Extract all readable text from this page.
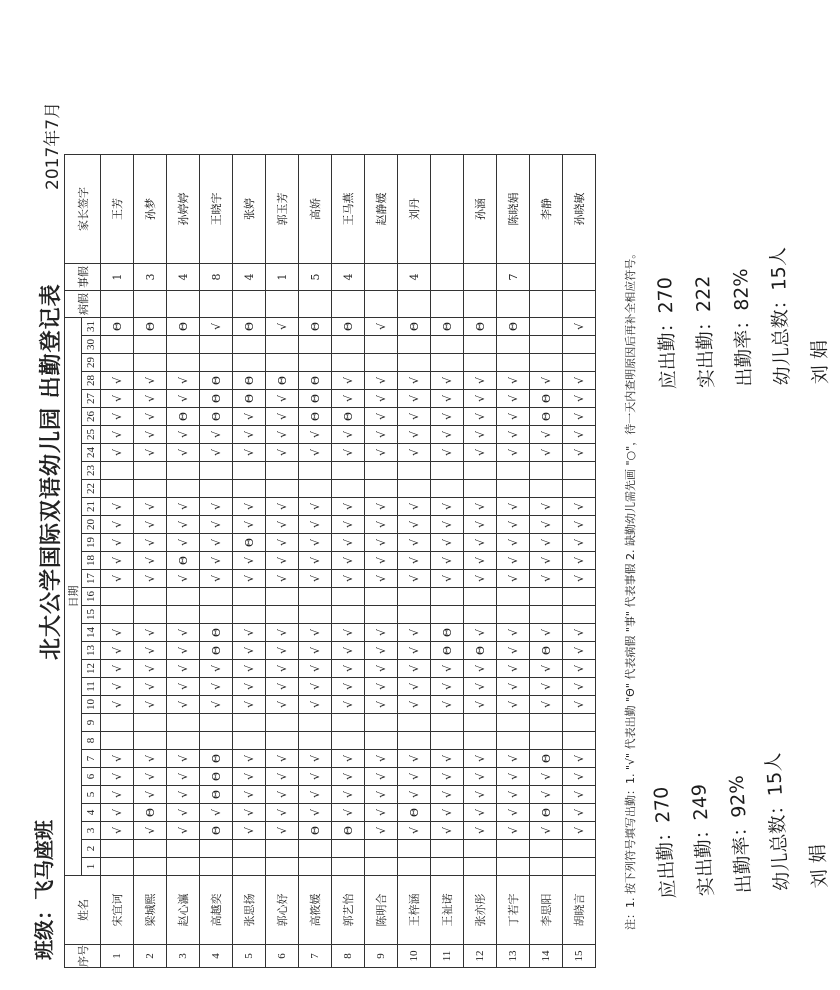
班级：飞马座班
北大公学国际双语幼儿园 出勤登记表
2017年7月
序号	姓名	日期																															病假	事假	家长签字
		1	2	3	4	5	6	7	8	9	10	11	12	13	14	15	16	17	18	19	20	21	22	23	24	25	26	27	28	29	30	31			
1	宋宜诃			√	√	√	√	√			√	√	√	√	√			√	√	√	√	√			√	√	√	√	√			Θ		1	王芳
2	梁城熙			√	Θ	√	√	√			√	√	√	√	√			√	√	√	√	√			√	√	√	√	√			Θ		3	孙梦
3	赵心瀛			√	√	√	√	√			√	√	√	√	√			√	Θ	√	√	√			√	√	Θ	√	√			Θ		4	孙婷婷
4	高越奕			Θ	√	Θ	Θ	Θ			√	√	√	Θ	Θ			√	√	√	√	√			√	√	Θ	Θ	Θ			√		8	王晓宇
5	张思扬			√	√	√	√	√			√	√	√	√	√			√	√	Θ	√	√			√	√	√	Θ	Θ			Θ		4	张婷
6	郭心妤			√	√	√	√	√			√	√	√	√	√			√	√	√	√	√			√	√	√	√	Θ			√		1	郭玉芳
7	高筱媛			Θ	√	√	√	√			√	√	√	√	√			√	√	√	√	√			√	√	Θ	Θ	Θ			Θ		5	高娇
8	郭艺怡			Θ	√	√	√	√			√	√	√	√	√			√	√	√	√	√			√	√	Θ	√	√			Θ		4	王马燕
9	陈明合			√	√	√	√	√			√	√	√	√	√			√	√	√	√	√			√	√	√	√	√			√			赵静媛
10	王梓涵			√	Θ	√	√	√			√	√	√	√	√			√	√	√	√	√			√	√	√	√	√			Θ		4	刘丹
11	王祉诺			√	√	√	√	√			√	√	√	Θ	Θ			√	√	√	√	√			√	√	√	√	√			Θ			
12	张亦彤			√	√	√	√	√			√	√	√	Θ	√			√	√	√	√	√			√	√	√	√	√			Θ			孙涵
13	丁若宇			√	√	√	√	√			√	√	√	√	√			√	√	√	√	√			√	√	√	√	√			Θ		7	陈晓娟
14	李思阳			√	Θ	√	√	Θ			√	√	√	Θ	√			√	√	√	√	√			√	√	Θ	Θ	√						李静
15	胡晓言			√	√	√	√	√			√	√	√	√	√			√	√	√	√	√			√	√	√	√	√			√			孙晓敏
注：1. 按下列符号填写出勤：1. "√" 代表出勤 "Θ" 代表病假 "事" 代表事假 2. 缺勤幼儿需先画 "○"，待一天内查明原因后再补全相应符号。 应出勤：270 实出勤：249 出勤率：92% 幼儿总数：15人 刘 娟
应出勤：270 实出勤：222 出勤率：82% 幼儿总数：15人 刘 娟
